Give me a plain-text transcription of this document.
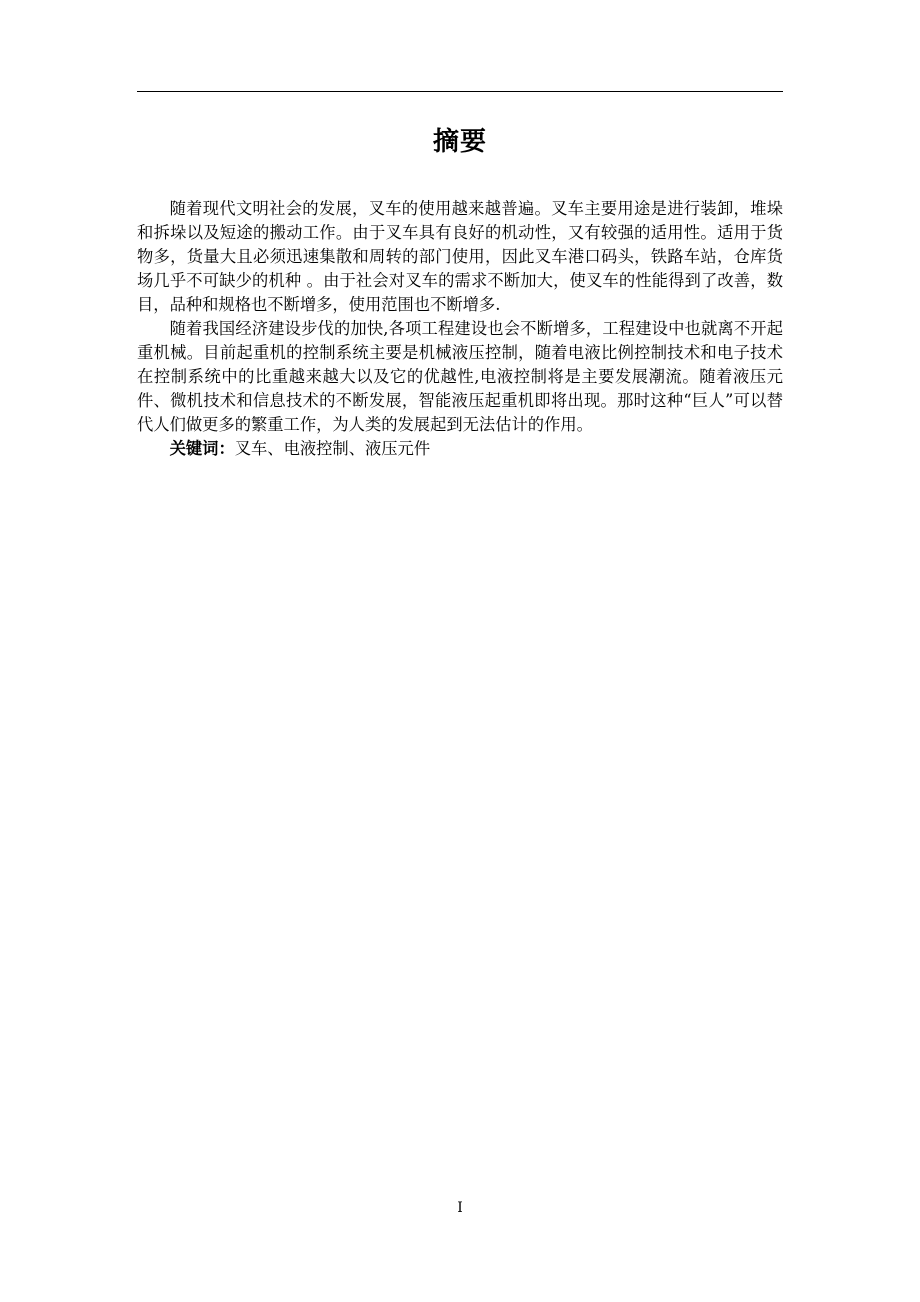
摘要

随着现代文明社会的发展，叉车的使用越来越普遍。叉车主要用途是进行装卸，堆垛和拆垛以及短途的搬动工作。由于叉车具有良好的机动性，又有较强的适用性。适用于货物多，货量大且必须迅速集散和周转的部门使用，因此叉车港口码头，铁路车站，仓库货场几乎不可缺少的机种 。由于社会对叉车的需求不断加大，使叉车的性能得到了改善，数目，品种和规格也不断增多，使用范围也不断增多.

随着我国经济建设步伐的加快,各项工程建设也会不断增多，工程建设中也就离不开起重机械。目前起重机的控制系统主要是机械液压控制，随着电液比例控制技术和电子技术在控制系统中的比重越来越大以及它的优越性,电液控制将是主要发展潮流。随着液压元件、微机技术和信息技术的不断发展，智能液压起重机即将出现。那时这种“巨人”可以替代人们做更多的繁重工作，为人类的发展起到无法估计的作用。

关键词：叉车、电液控制、液压元件

I
